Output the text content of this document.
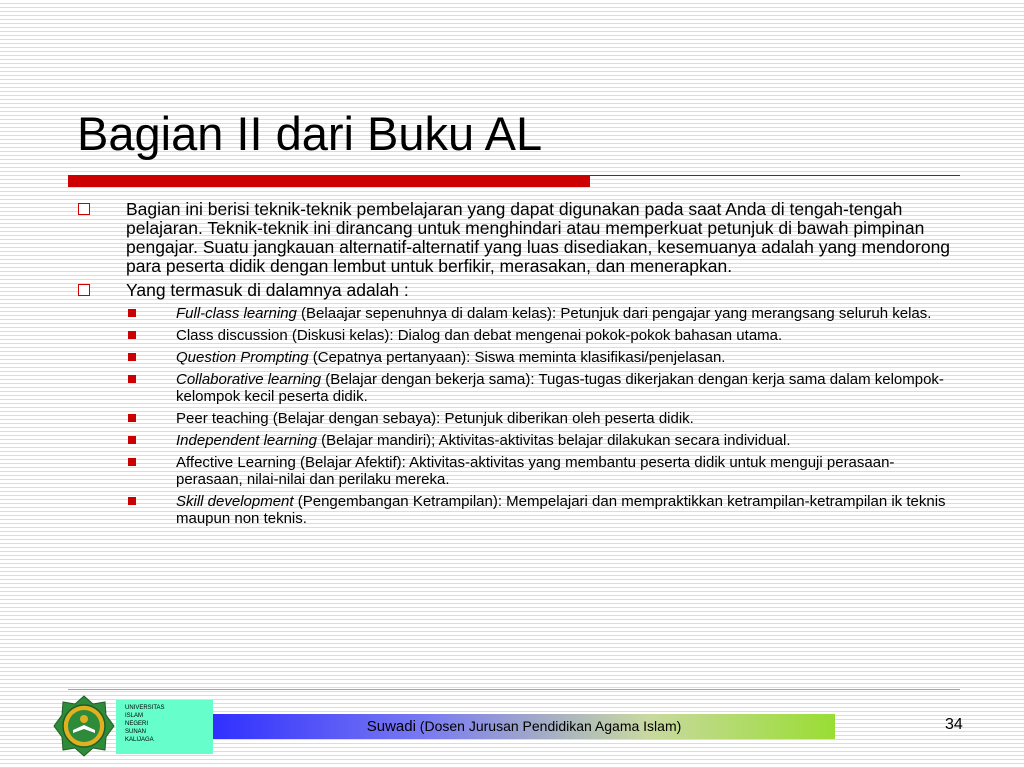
Bagian II dari Buku AL
Bagian ini berisi teknik-teknik pembelajaran yang dapat digunakan pada saat Anda di tengah-tengah pelajaran. Teknik-teknik ini dirancang untuk menghindari atau memperkuat petunjuk di bawah pimpinan pengajar. Suatu jangkauan alternatif-alternatif yang luas disediakan, kesemuanya adalah yang mendorong para peserta didik dengan lembut untuk berfikir, merasakan, dan menerapkan.
Yang termasuk di dalamnya adalah :
Full-class learning (Belaajar sepenuhnya di dalam kelas): Petunjuk dari pengajar yang merangsang seluruh kelas.
Class discussion (Diskusi kelas): Dialog dan debat mengenai pokok-pokok bahasan utama.
Question Prompting (Cepatnya pertanyaan): Siswa meminta klasifikasi/penjelasan.
Collaborative learning (Belajar dengan bekerja sama): Tugas-tugas dikerjakan dengan kerja sama dalam kelompok-kelompok kecil peserta didik.
Peer teaching (Belajar dengan sebaya): Petunjuk diberikan oleh peserta didik.
Independent learning (Belajar mandiri); Aktivitas-aktivitas belajar dilakukan secara individual.
Affective Learning (Belajar Afektif): Aktivitas-aktivitas yang membantu peserta didik untuk menguji perasaan-perasaan, nilai-nilai dan perilaku mereka.
Skill development (Pengembangan Ketrampilan): Mempelajari dan mempraktikkan ketrampilan-ketrampilan ik teknis maupun non teknis.
UNIVERSITAS
ISLAM
NEGERI
SUNAN
KALIJAGA
Suwadi (Dosen Jurusan Pendidikan Agama Islam)	34
